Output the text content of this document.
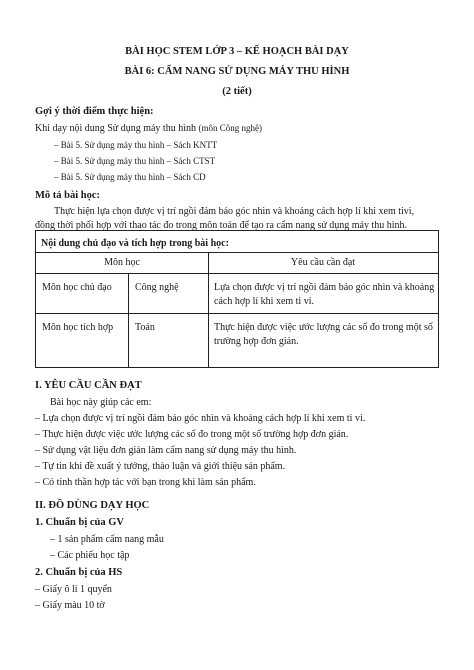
BÀI HỌC STEM LỚP 3 – KẾ HOẠCH BÀI DẠY
BÀI 6: CẨM NANG SỬ DỤNG MÁY THU HÌNH
(2 tiết)
Gợi ý thời điểm thực hiện:
Khi dạy nội dung Sử dụng máy thu hình (môn Công nghệ)
– Bài 5. Sử dụng máy thu hình – Sách KNTT
– Bài 5. Sử dụng máy thu hình – Sách CTST
– Bài 5. Sử dụng máy thu hình – Sách CD
Mô tả bài học:
Thực hiện lựa chọn được vị trí ngồi đảm bảo góc nhìn và khoảng cách hợp lí khi xem tivi,
đồng thời phối hợp với thao tác đo trong môn toán để tạo ra cẩm nang sử dụng máy thu hình.
Nội dung chủ đạo và tích hợp trong bài học:
Môn học	Yêu cầu cần đạt
Môn học chủ đạo Công nghệ	Lựa chọn được vị trí ngồi đảm bảo góc nhìn và khoảng
cách hợp lí khi xem ti vi.
Môn học tích hợp Toán	Thực hiện được việc ước lượng các số đo trong một số
trường hợp đơn giản.
I. YÊU CẦU CẦN ĐẠT
Bài học này giúp các em:
– Lựa chọn được vị trí ngồi đảm bảo góc nhìn và khoảng cách hợp lí khi xem ti vi.
– Thực hiện được việc ước lượng các số đo trong một số trường hợp đơn giản.
– Sử dụng vật liệu đơn giản làm cẩm nang sử dụng máy thu hình.
– Tự tin khi đề xuất ý tưởng, thảo luận và giới thiệu sản phẩm.
– Có tinh thần hợp tác với bạn trong khi làm sản phẩm.
II. ĐỒ DÙNG DẠY HỌC
1. Chuẩn bị của GV
– 1 sản phẩm cẩm nang mẫu
– Các phiếu học tập
2. Chuẩn bị của HS
– Giấy ô li 1 quyển
– Giấy màu 10 tờ
